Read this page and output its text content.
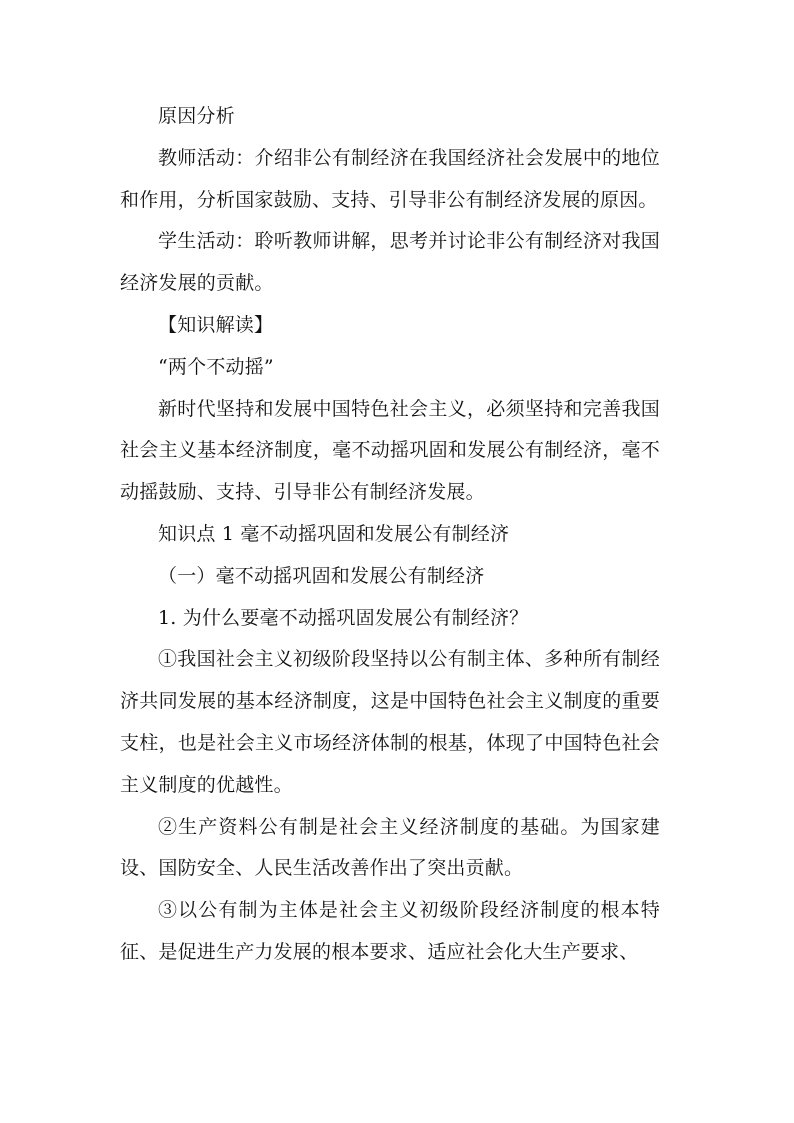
原因分析

教师活动：介绍非公有制经济在我国经济社会发展中的地位和作用，分析国家鼓励、支持、引导非公有制经济发展的原因。

学生活动：聆听教师讲解，思考并讨论非公有制经济对我国经济发展的贡献。

【知识解读】

“两个不动摇”

新时代坚持和发展中国特色社会主义，必须坚持和完善我国社会主义基本经济制度，毫不动摇巩固和发展公有制经济，毫不动摇鼓励、支持、引导非公有制经济发展。

知识点 1 毫不动摇巩固和发展公有制经济

（一）毫不动摇巩固和发展公有制经济

1. 为什么要毫不动摇巩固发展公有制经济？

①我国社会主义初级阶段坚持以公有制主体、多种所有制经济共同发展的基本经济制度，这是中国特色社会主义制度的重要支柱，也是社会主义市场经济体制的根基，体现了中国特色社会主义制度的优越性。

②生产资料公有制是社会主义经济制度的基础。为国家建设、国防安全、人民生活改善作出了突出贡献。

③以公有制为主体是社会主义初级阶段经济制度的根本特征、是促进生产力发展的根本要求、适应社会化大生产要求、
